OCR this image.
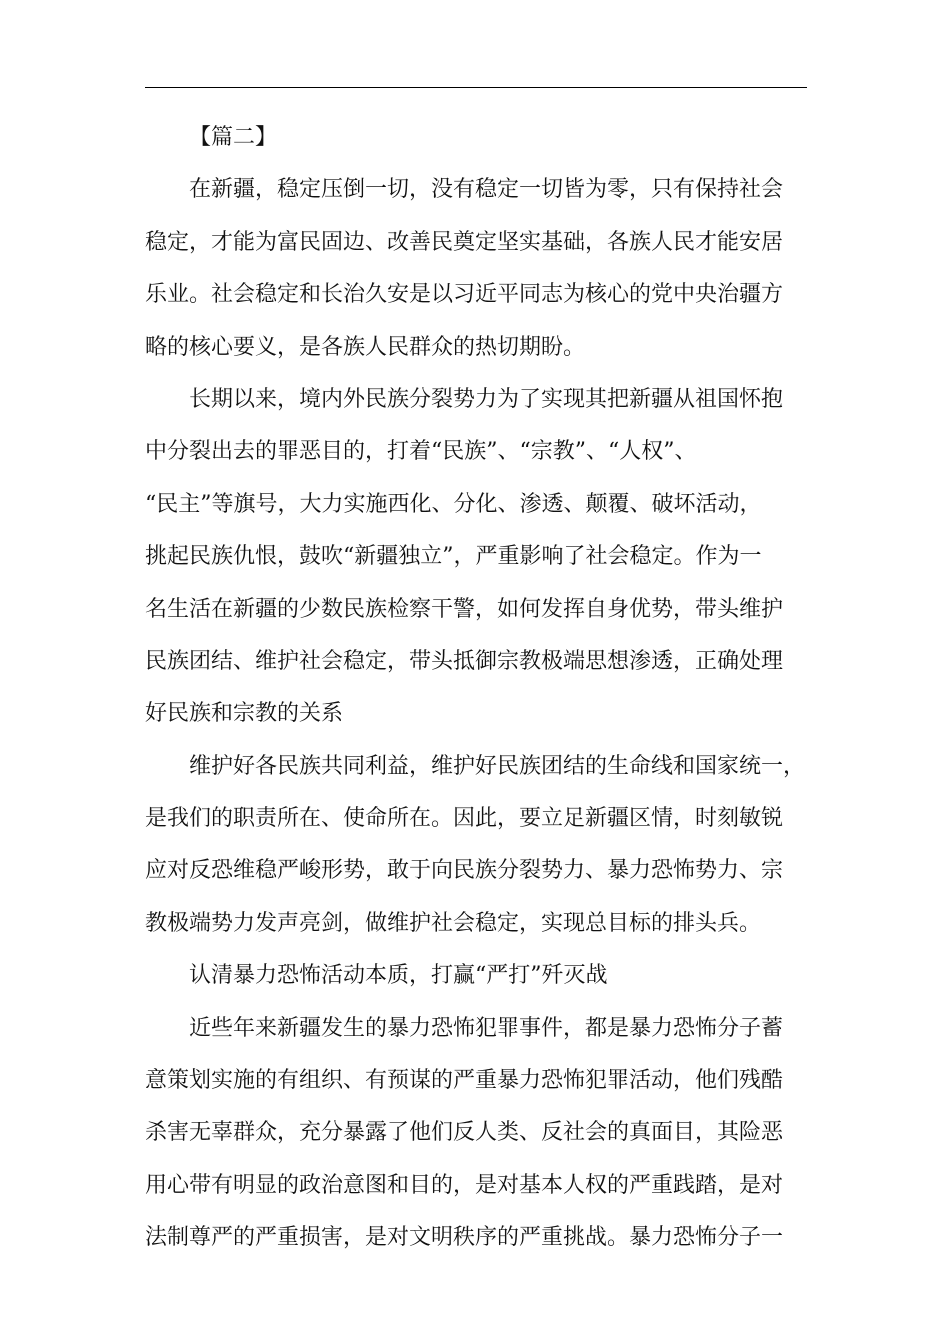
【篇二】
在新疆，稳定压倒一切，没有稳定一切皆为零，只有保持社会
稳定，才能为富民固边、改善民奠定坚实基础，各族人民才能安居
乐业。社会稳定和长治久安是以习近平同志为核心的党中央治疆方
略的核心要义，是各族人民群众的热切期盼。
长期以来，境内外民族分裂势力为了实现其把新疆从祖国怀抱
中分裂出去的罪恶目的，打着“民族”、“宗教”、“人权”、
“民主”等旗号，大力实施西化、分化、渗透、颠覆、破坏活动，
挑起民族仇恨，鼓吹“新疆独立”，严重影响了社会稳定。作为一
名生活在新疆的少数民族检察干警，如何发挥自身优势，带头维护
民族团结、维护社会稳定，带头抵御宗教极端思想渗透，正确处理
好民族和宗教的关系
维护好各民族共同利益，维护好民族团结的生命线和国家统一，
是我们的职责所在、使命所在。因此，要立足新疆区情，时刻敏锐
应对反恐维稳严峻形势，敢于向民族分裂势力、暴力恐怖势力、宗
教极端势力发声亮剑，做维护社会稳定，实现总目标的排头兵。
认清暴力恐怖活动本质，打赢“严打”歼灭战
近些年来新疆发生的暴力恐怖犯罪事件，都是暴力恐怖分子蓄
意策划实施的有组织、有预谋的严重暴力恐怖犯罪活动，他们残酷
杀害无辜群众，充分暴露了他们反人类、反社会的真面目，其险恶
用心带有明显的政治意图和目的，是对基本人权的严重践踏，是对
法制尊严的严重损害，是对文明秩序的严重挑战。暴力恐怖分子一
